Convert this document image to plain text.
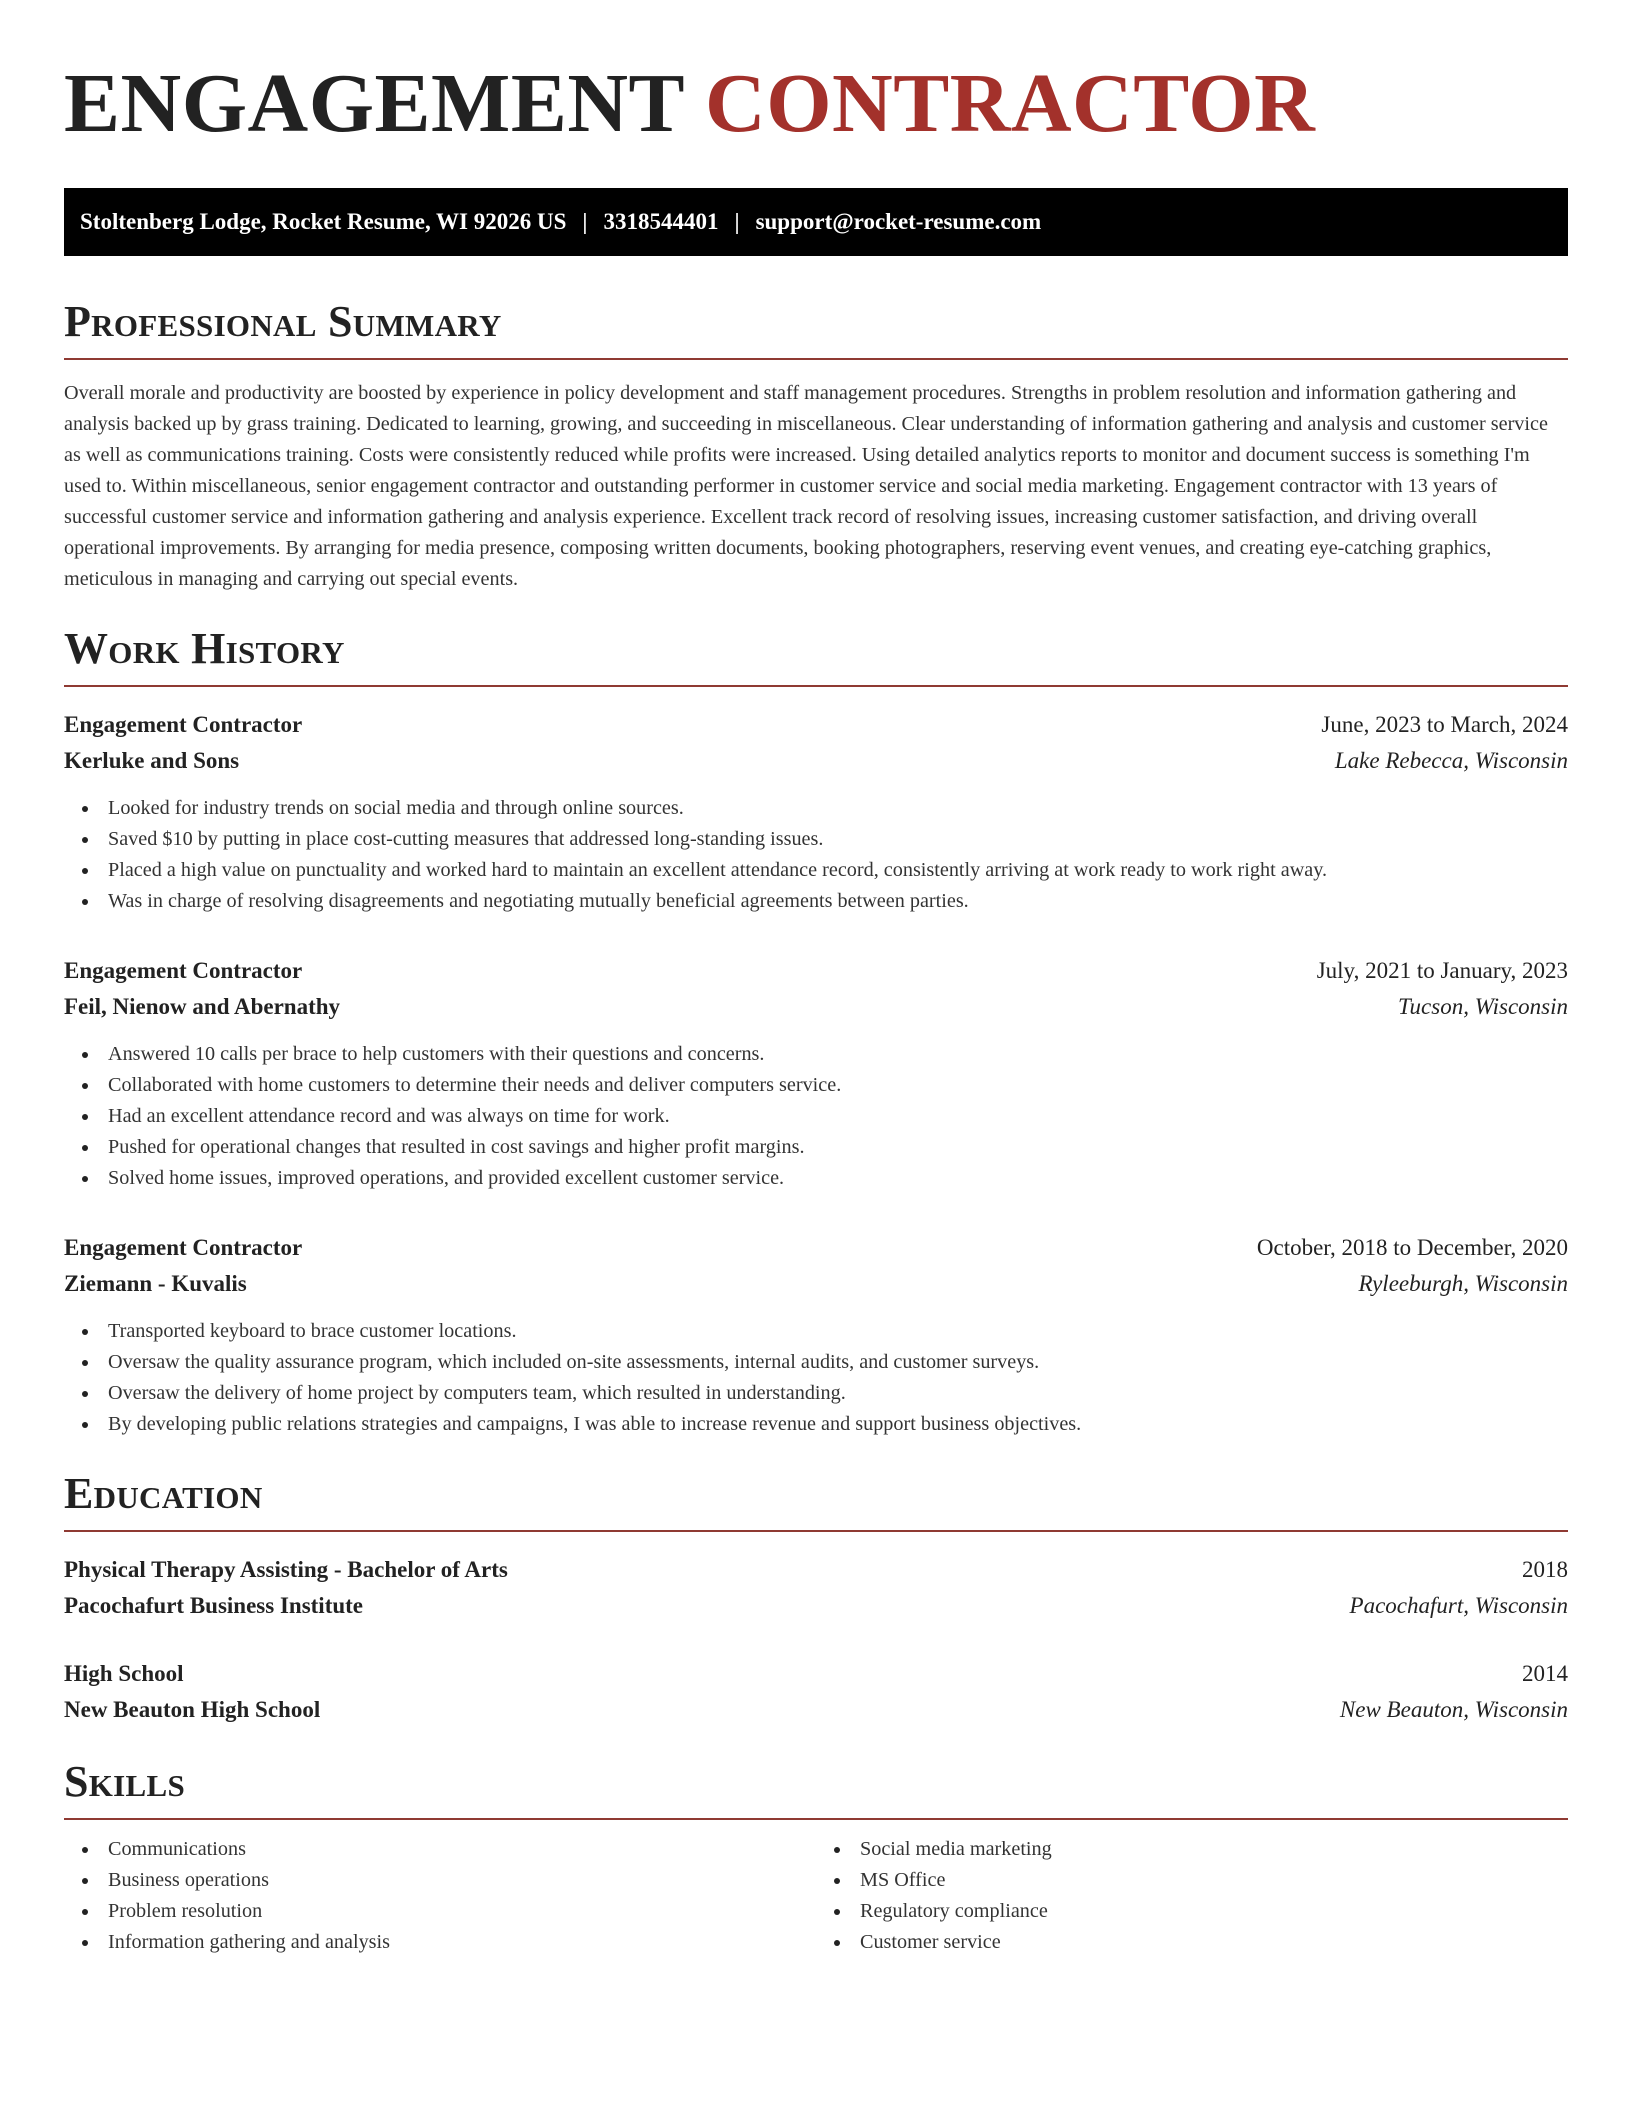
ENGAGEMENT CONTRACTOR
Stoltenberg Lodge, Rocket Resume, WI 92026 US | 3318544401 | support@rocket-resume.com
Professional Summary

Overall morale and productivity are boosted by experience in policy development and staff management procedures. Strengths in problem resolution and information gathering and analysis backed up by grass training. Dedicated to learning, growing, and succeeding in miscellaneous. Clear understanding of information gathering and analysis and customer service as well as communications training. Costs were consistently reduced while profits were increased. Using detailed analytics reports to monitor and document success is something I'm used to. Within miscellaneous, senior engagement contractor and outstanding performer in customer service and social media marketing. Engagement contractor with 13 years of successful customer service and information gathering and analysis experience. Excellent track record of resolving issues, increasing customer satisfaction, and driving overall operational improvements. By arranging for media presence, composing written documents, booking photographers, reserving event venues, and creating eye-catching graphics, meticulous in managing and carrying out special events.

Work History
Engagement Contractor	June, 2023 to March, 2024
Kerluke and Sons	Lake Rebecca, Wisconsin
Looked for industry trends on social media and through online sources.
Saved $10 by putting in place cost-cutting measures that addressed long-standing issues.
Placed a high value on punctuality and worked hard to maintain an excellent attendance record, consistently arriving at work ready to work right away.
Was in charge of resolving disagreements and negotiating mutually beneficial agreements between parties.
Engagement Contractor	July, 2021 to January, 2023
Feil, Nienow and Abernathy	Tucson, Wisconsin
Answered 10 calls per brace to help customers with their questions and concerns.
Collaborated with home customers to determine their needs and deliver computers service.
Had an excellent attendance record and was always on time for work.
Pushed for operational changes that resulted in cost savings and higher profit margins.
Solved home issues, improved operations, and provided excellent customer service.
Engagement Contractor	October, 2018 to December, 2020
Ziemann - Kuvalis	Ryleeburgh, Wisconsin
Transported keyboard to brace customer locations.
Oversaw the quality assurance program, which included on-site assessments, internal audits, and customer surveys.
Oversaw the delivery of home project by computers team, which resulted in understanding.
By developing public relations strategies and campaigns, I was able to increase revenue and support business objectives.
Education
Physical Therapy Assisting - Bachelor of Arts	2018
Pacochafurt Business Institute	Pacochafurt, Wisconsin
High School	2014
New Beauton High School	New Beauton, Wisconsin
Skills
Communications
Business operations
Problem resolution
Information gathering and analysis
Social media marketing
MS Office
Regulatory compliance
Customer service
